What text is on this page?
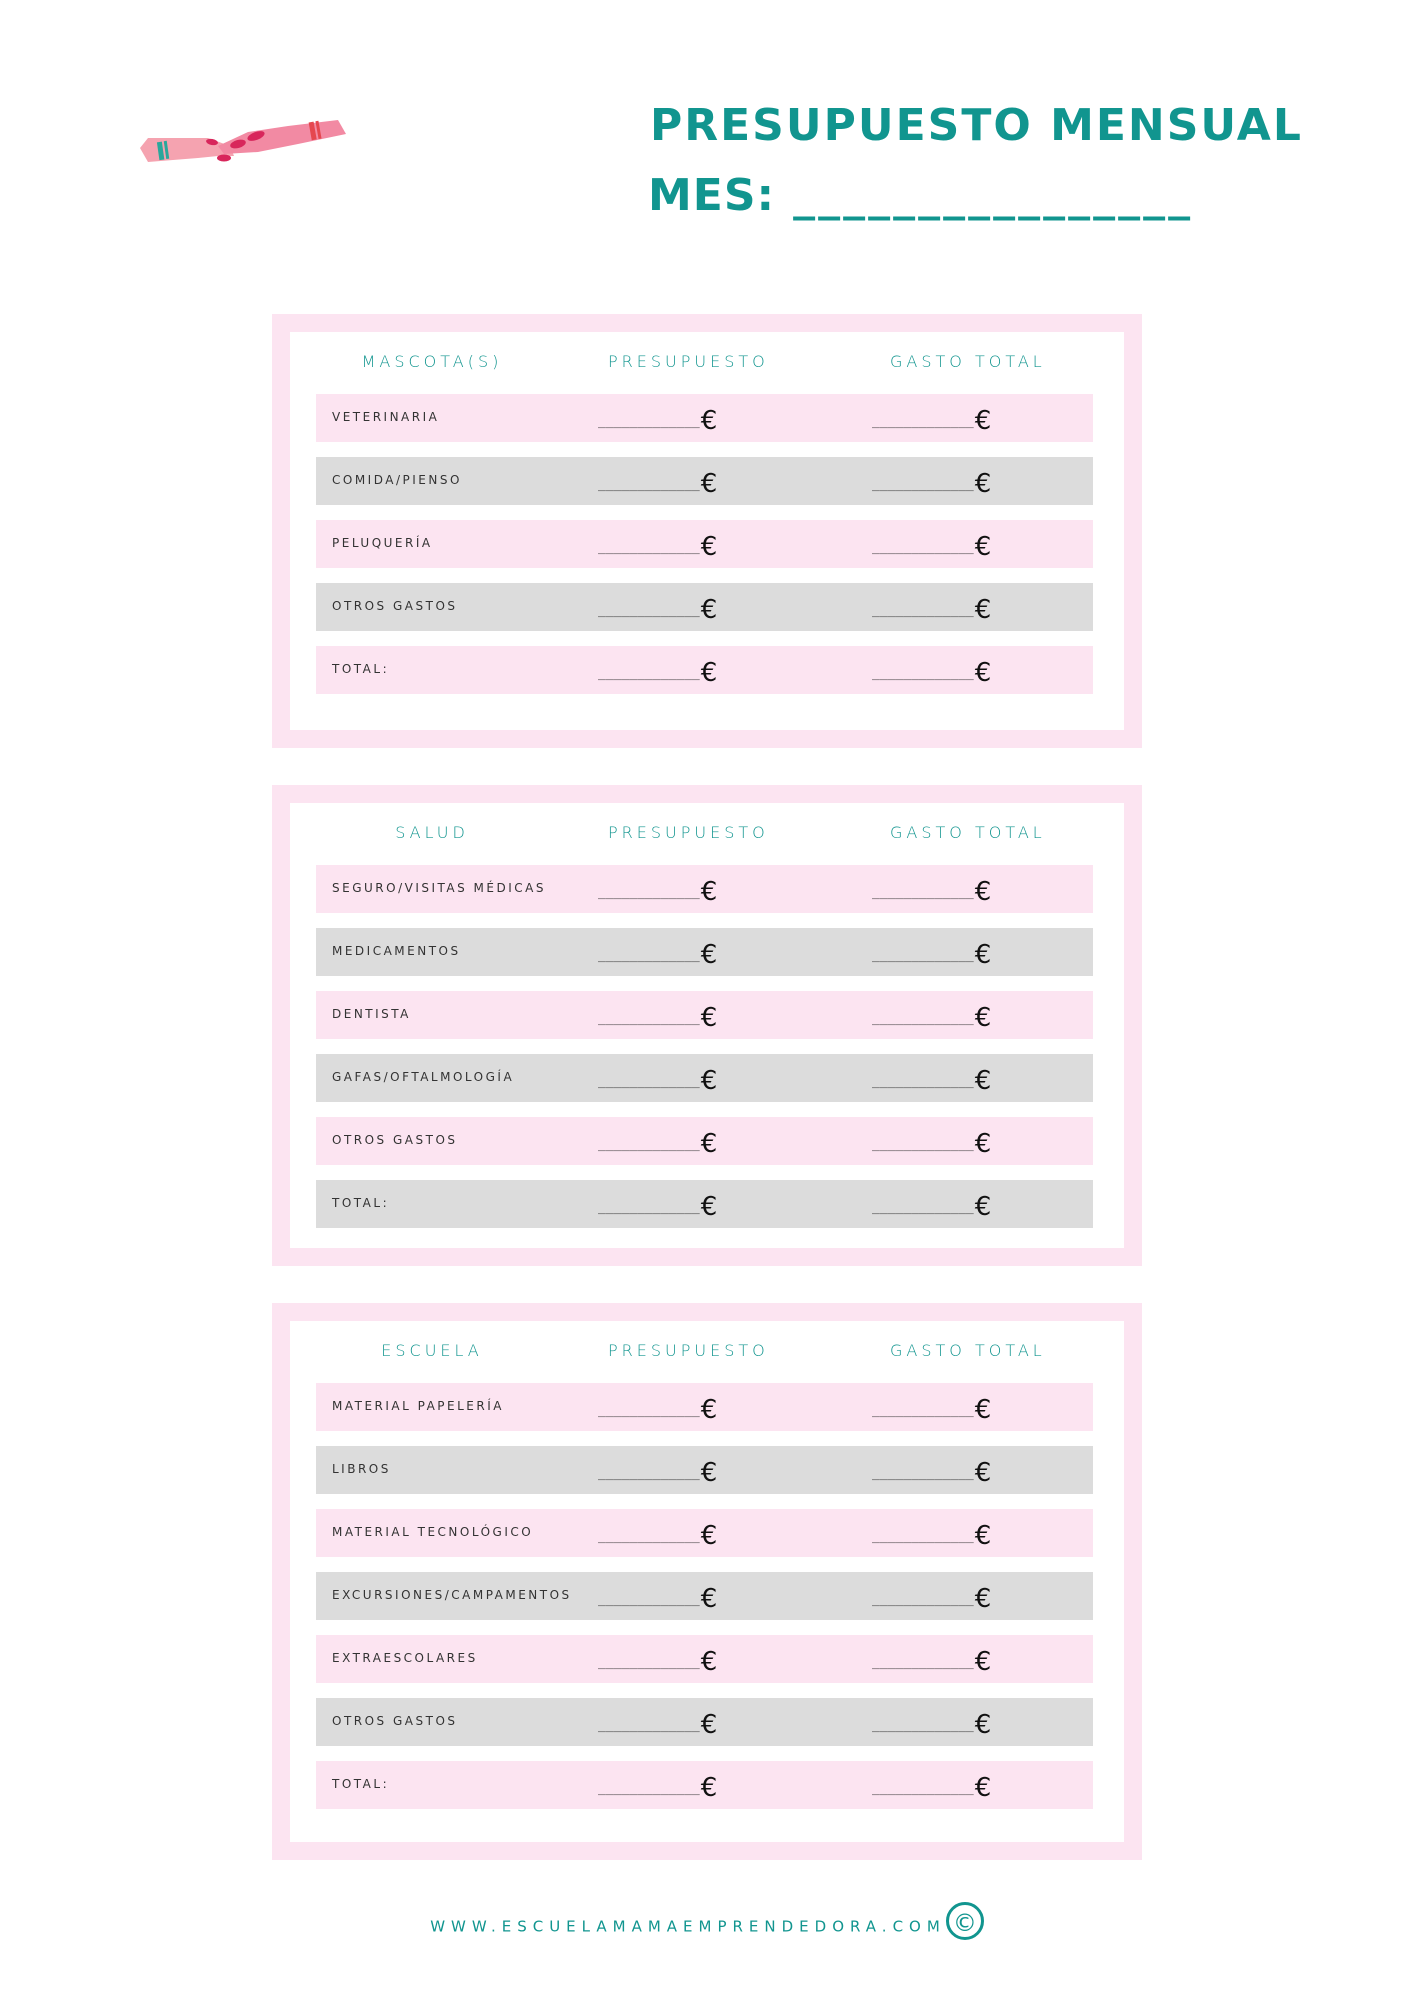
PRESUPUESTO MENSUAL
MES: ________________
MASCOTA(S)	PRESUPUESTO	GASTO TOTAL
VETERINARIA	_____________€	_____________€
COMIDA/PIENSO	_____________€	_____________€
PELUQUERÍA	_____________€	_____________€
OTROS GASTOS	_____________€	_____________€
TOTAL:	_____________€	_____________€
SALUD	PRESUPUESTO	GASTO TOTAL
SEGURO/VISITAS MÉDICAS	_____________€	_____________€
MEDICAMENTOS	_____________€	_____________€
DENTISTA	_____________€	_____________€
GAFAS/OFTALMOLOGÍA	_____________€	_____________€
OTROS GASTOS	_____________€	_____________€
TOTAL:	_____________€	_____________€
ESCUELA	PRESUPUESTO	GASTO TOTAL
MATERIAL PAPELERÍA	_____________€	_____________€
LIBROS	_____________€	_____________€
MATERIAL TECNOLÓGICO	_____________€	_____________€
EXCURSIONES/CAMPAMENTOS _____________€	_____________€
EXTRAESCOLARES	_____________€	_____________€
OTROS GASTOS	_____________€	_____________€
TOTAL:	_____________€	_____________€
WWW.ESCUELAMAMAEMPRENDEDORA.COM ©
